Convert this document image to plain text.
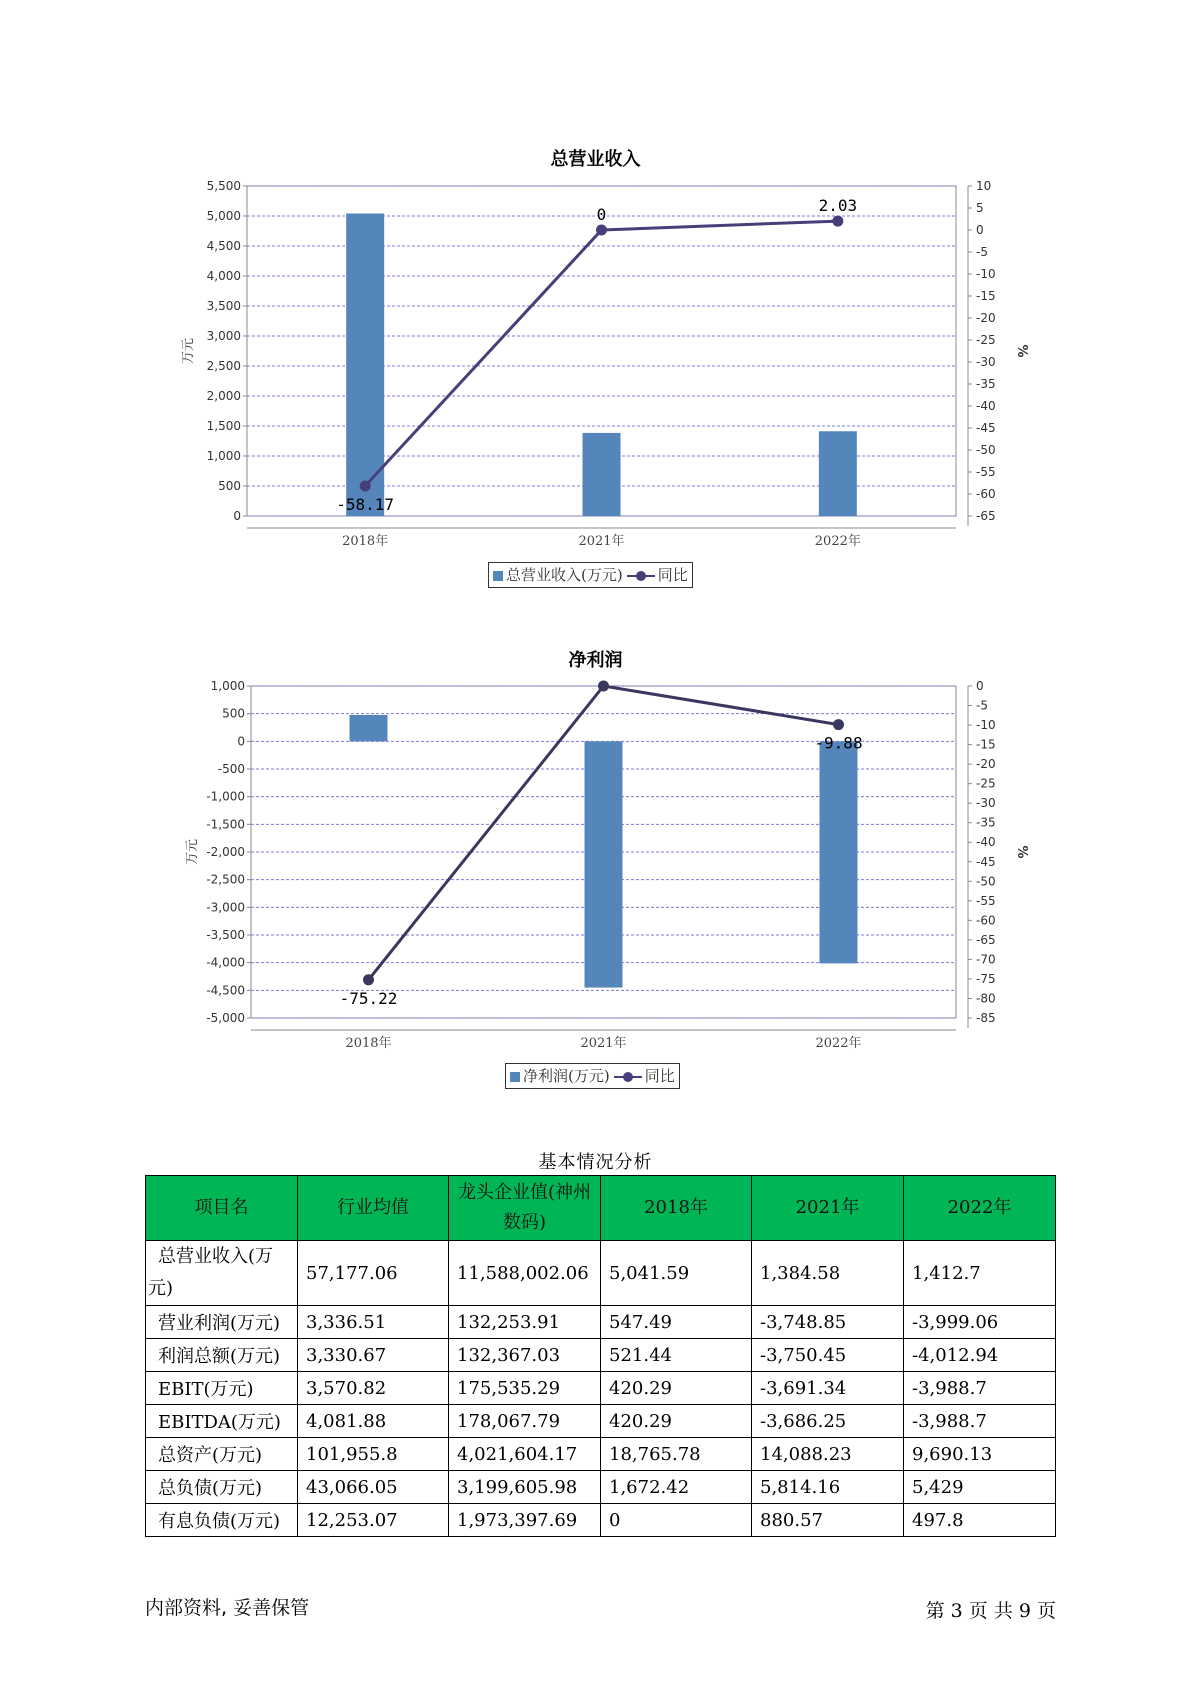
总营业收入
5,500
5,000
4,500
4,000
3,500
3,000
2,500
2,000
1,500
1,000
500
0
10
5
0
-5
-10
-15
-20
-25
-30
-35
-40
-45
-50
-55
-60
-65
万元	%
2018年	2021年	2022年
-58.17
0	2.03
总营业收入(万元) 同比
净利润
1,000
500
0
-500
-1,000
-1,500
-2,000
-2,500
-3,000
-3,500
-4,000
-4,500
-5,000
0
-5
-10
-15
-20
-25
-30
-35
-40
-45
-50
-55
-60
-65
-70
-75
-80
-85
万元	%
2018年	2021年	2022年
-75.22
-9.88
净利润(万元) 同比
基本情况分析
项目名	行业均值	龙头企业值(神州数码)	2018年	2021年	2022年
总营业收入(万元)	57,177.06	11,588,002.06	5,041.59	1,384.58	1,412.7
营业利润(万元)	3,336.51	132,253.91	547.49	-3,748.85	-3,999.06
利润总额(万元)	3,330.67	132,367.03	521.44	-3,750.45	-4,012.94
EBIT(万元)	3,570.82	175,535.29	420.29	-3,691.34	-3,988.7
EBITDA(万元)	4,081.88	178,067.79	420.29	-3,686.25	-3,988.7
总资产(万元)	101,955.8	4,021,604.17	18,765.78	14,088.23	9,690.13
总负债(万元)	43,066.05	3,199,605.98	1,672.42	5,814.16	5,429
有息负债(万元)	12,253.07	1,973,397.69	0	880.57	497.8
内部资料, 妥善保管	第 3 页 共 9 页
